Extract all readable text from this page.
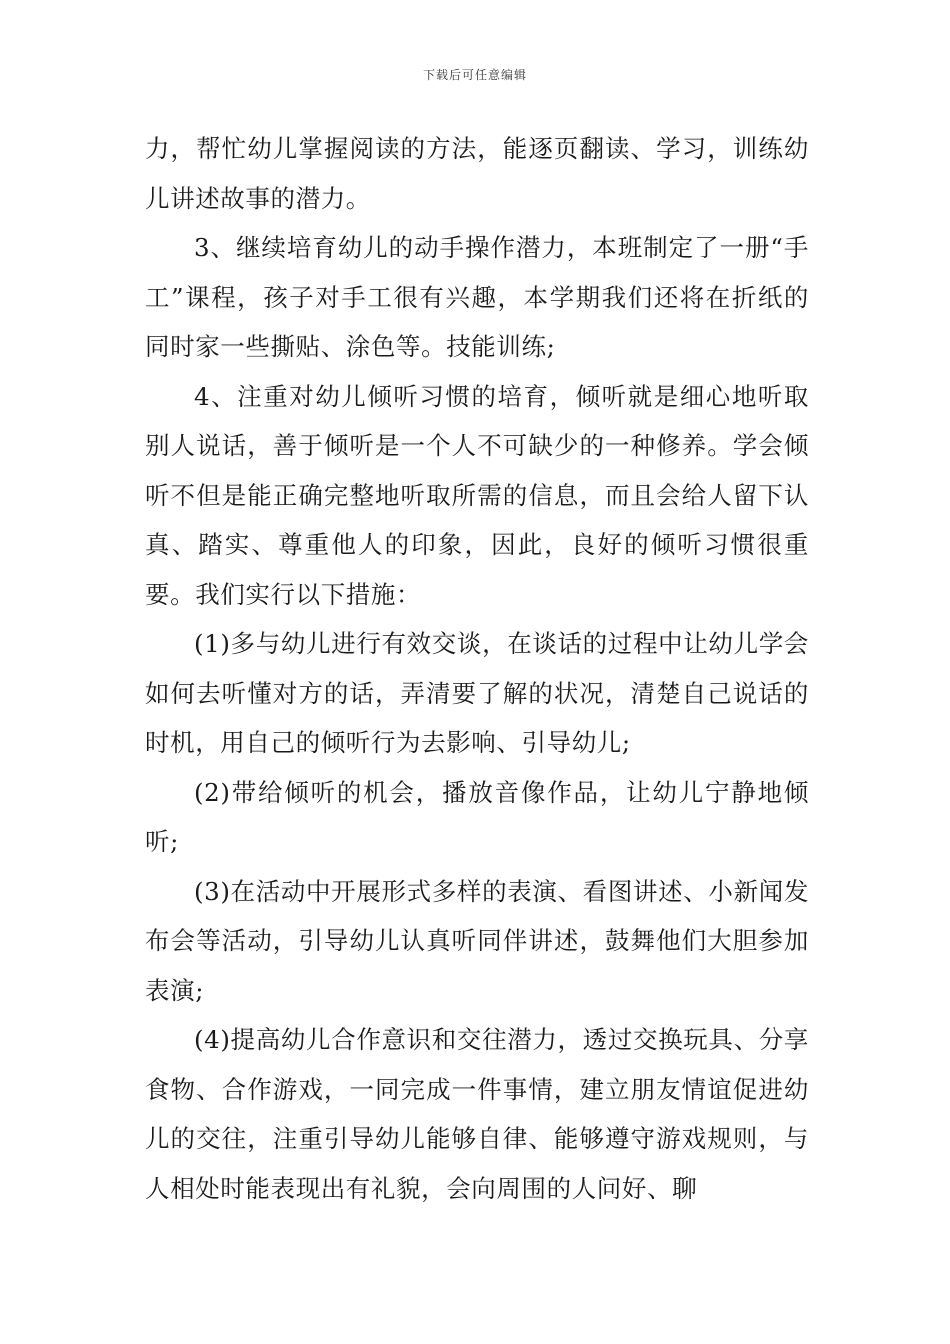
下载后可任意编辑

力，帮忙幼儿掌握阅读的方法，能逐页翻读、学习，训练幼儿讲述故事的潜力。

3、继续培育幼儿的动手操作潜力，本班制定了一册“手工”课程，孩子对手工很有兴趣，本学期我们还将在折纸的同时家一些撕贴、涂色等。技能训练;

4、注重对幼儿倾听习惯的培育，倾听就是细心地听取别人说话，善于倾听是一个人不可缺少的一种修养。学会倾听不但是能正确完整地听取所需的信息，而且会给人留下认真、踏实、尊重他人的印象，因此，良好的倾听习惯很重要。我们实行以下措施：

(1)多与幼儿进行有效交谈，在谈话的过程中让幼儿学会如何去听懂对方的话，弄清要了解的状况，清楚自己说话的时机，用自己的倾听行为去影响、引导幼儿;

(2)带给倾听的机会，播放音像作品，让幼儿宁静地倾听;

(3)在活动中开展形式多样的表演、看图讲述、小新闻发布会等活动，引导幼儿认真听同伴讲述，鼓舞他们大胆参加表演;

(4)提高幼儿合作意识和交往潜力，透过交换玩具、分享食物、合作游戏，一同完成一件事情，建立朋友情谊促进幼儿的交往，注重引导幼儿能够自律、能够遵守游戏规则，与人相处时能表现出有礼貌，会向周围的人问好、聊
